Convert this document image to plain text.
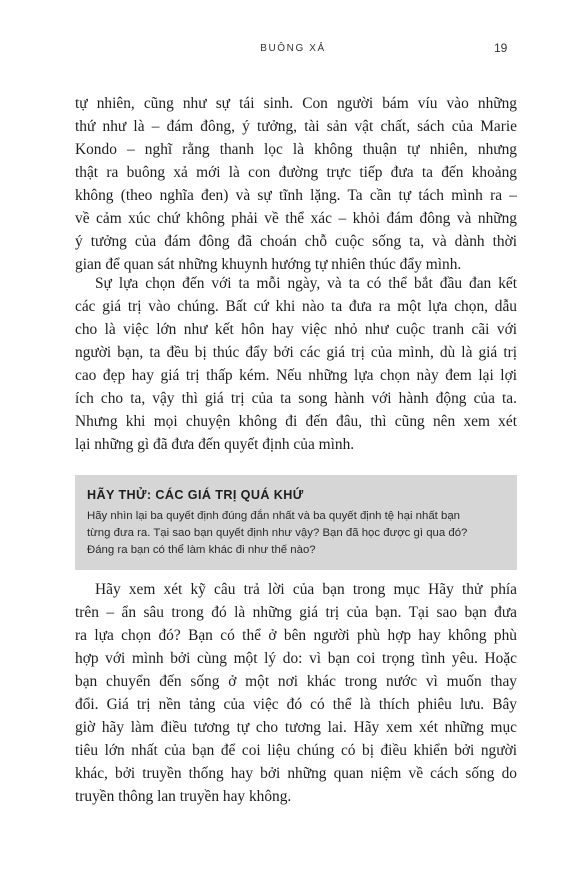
BUÔNG XẢ	19
tự nhiên, cũng như sự tái sinh. Con người bám víu vào những
thứ như là – đám đông, ý tưởng, tài sản vật chất, sách của Marie
Kondo – nghĩ rằng thanh lọc là không thuận tự nhiên, nhưng
thật ra buông xả mới là con đường trực tiếp đưa ta đến khoảng
không (theo nghĩa đen) và sự tĩnh lặng. Ta cần tự tách mình ra –
về cảm xúc chứ không phải về thể xác – khỏi đám đông và những
ý tưởng của đám đông đã choán chỗ cuộc sống ta, và dành thời
gian để quan sát những khuynh hướng tự nhiên thúc đẩy mình.
Sự lựa chọn đến với ta mỗi ngày, và ta có thể bắt đầu đan kết
các giá trị vào chúng. Bất cứ khi nào ta đưa ra một lựa chọn, dẫu
cho là việc lớn như kết hôn hay việc nhỏ như cuộc tranh cãi với
người bạn, ta đều bị thúc đẩy bởi các giá trị của mình, dù là giá trị
cao đẹp hay giá trị thấp kém. Nếu những lựa chọn này đem lại lợi
ích cho ta, vậy thì giá trị của ta song hành với hành động của ta.
Nhưng khi mọi chuyện không đi đến đâu, thì cũng nên xem xét
lại những gì đã đưa đến quyết định của mình.
HÃY THỬ: CÁC GIÁ TRỊ QUÁ KHỨ
Hãy nhìn lại ba quyết định đúng đắn nhất và ba quyết định tệ hại nhất bạn
từng đưa ra. Tại sao bạn quyết định như vậy? Bạn đã học được gì qua đó?
Đáng ra bạn có thể làm khác đi như thế nào?
Hãy xem xét kỹ câu trả lời của bạn trong mục Hãy thử phía
trên – ẩn sâu trong đó là những giá trị của bạn. Tại sao bạn đưa
ra lựa chọn đó? Bạn có thể ở bên người phù hợp hay không phù
hợp với mình bởi cùng một lý do: vì bạn coi trọng tình yêu. Hoặc
bạn chuyển đến sống ở một nơi khác trong nước vì muốn thay
đổi. Giá trị nền tảng của việc đó có thể là thích phiêu lưu. Bây
giờ hãy làm điều tương tự cho tương lai. Hãy xem xét những mục
tiêu lớn nhất của bạn để coi liệu chúng có bị điều khiển bởi người
khác, bởi truyền thống hay bởi những quan niệm về cách sống do
truyền thông lan truyền hay không.
